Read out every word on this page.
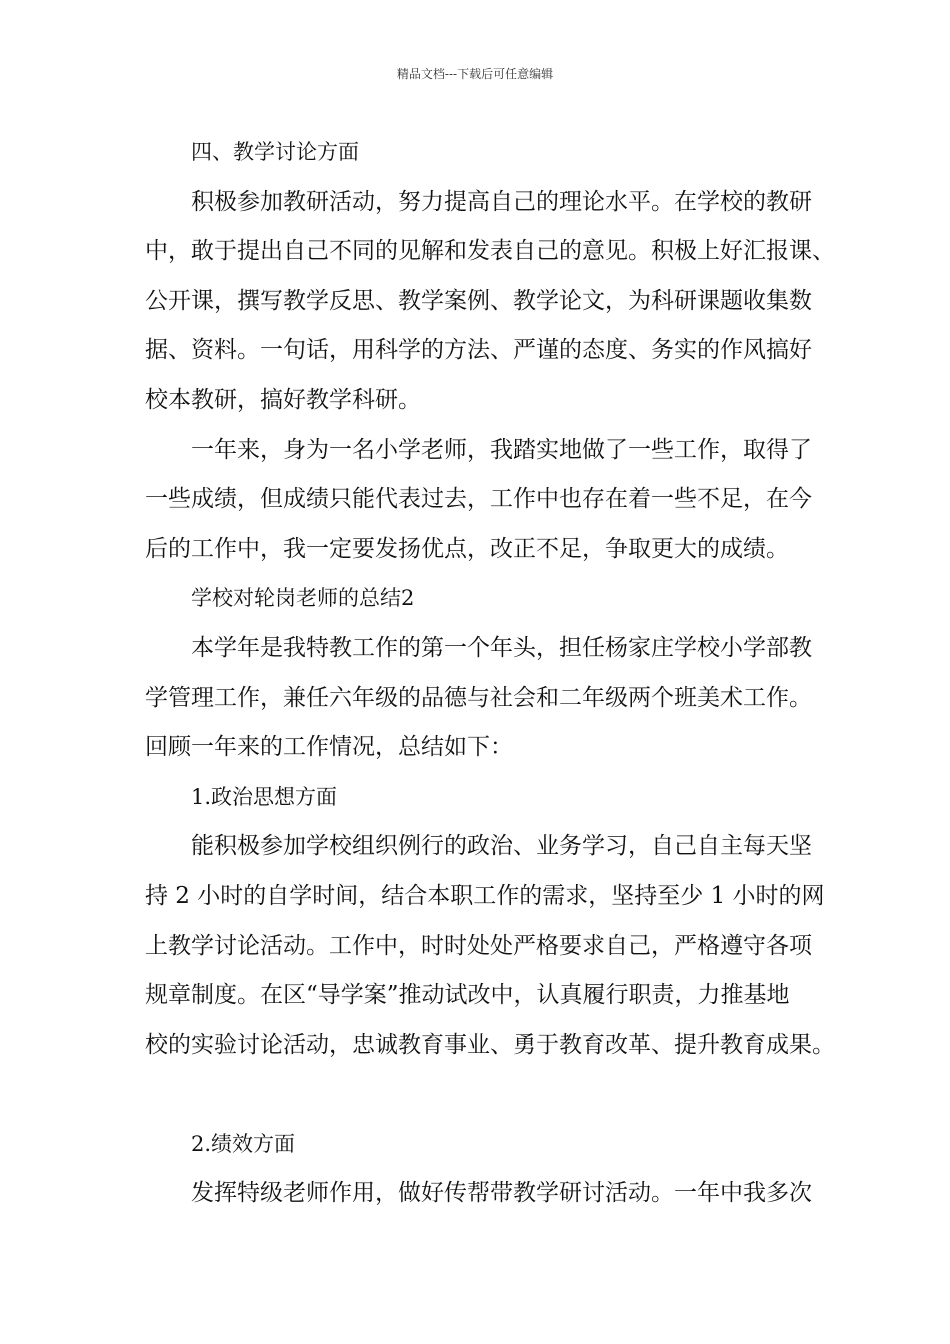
精品文档---下载后可任意编辑

四、教学讨论方面

积极参加教研活动，努力提高自己的理论水平。在学校的教研

中，敢于提出自己不同的见解和发表自己的意见。积极上好汇报课、

公开课，撰写教学反思、教学案例、教学论文，为科研课题收集数

据、资料。一句话，用科学的方法、严谨的态度、务实的作风搞好

校本教研，搞好教学科研。

一年来，身为一名小学老师，我踏实地做了一些工作，取得了

一些成绩，但成绩只能代表过去，工作中也存在着一些不足，在今

后的工作中，我一定要发扬优点，改正不足，争取更大的成绩。

学校对轮岗老师的总结2

本学年是我特教工作的第一个年头，担任杨家庄学校小学部教

学管理工作，兼任六年级的品德与社会和二年级两个班美术工作。

回顾一年来的工作情况，总结如下：

1.政治思想方面

能积极参加学校组织例行的政治、业务学习，自己自主每天坚

持 2 小时的自学时间，结合本职工作的需求，坚持至少 1 小时的网

上教学讨论活动。工作中，时时处处严格要求自己，严格遵守各项

规章制度。在区“导学案”推动试改中，认真履行职责，力推基地

校的实验讨论活动，忠诚教育事业、勇于教育改革、提升教育成果。

2.绩效方面

发挥特级老师作用，做好传帮带教学研讨活动。一年中我多次
